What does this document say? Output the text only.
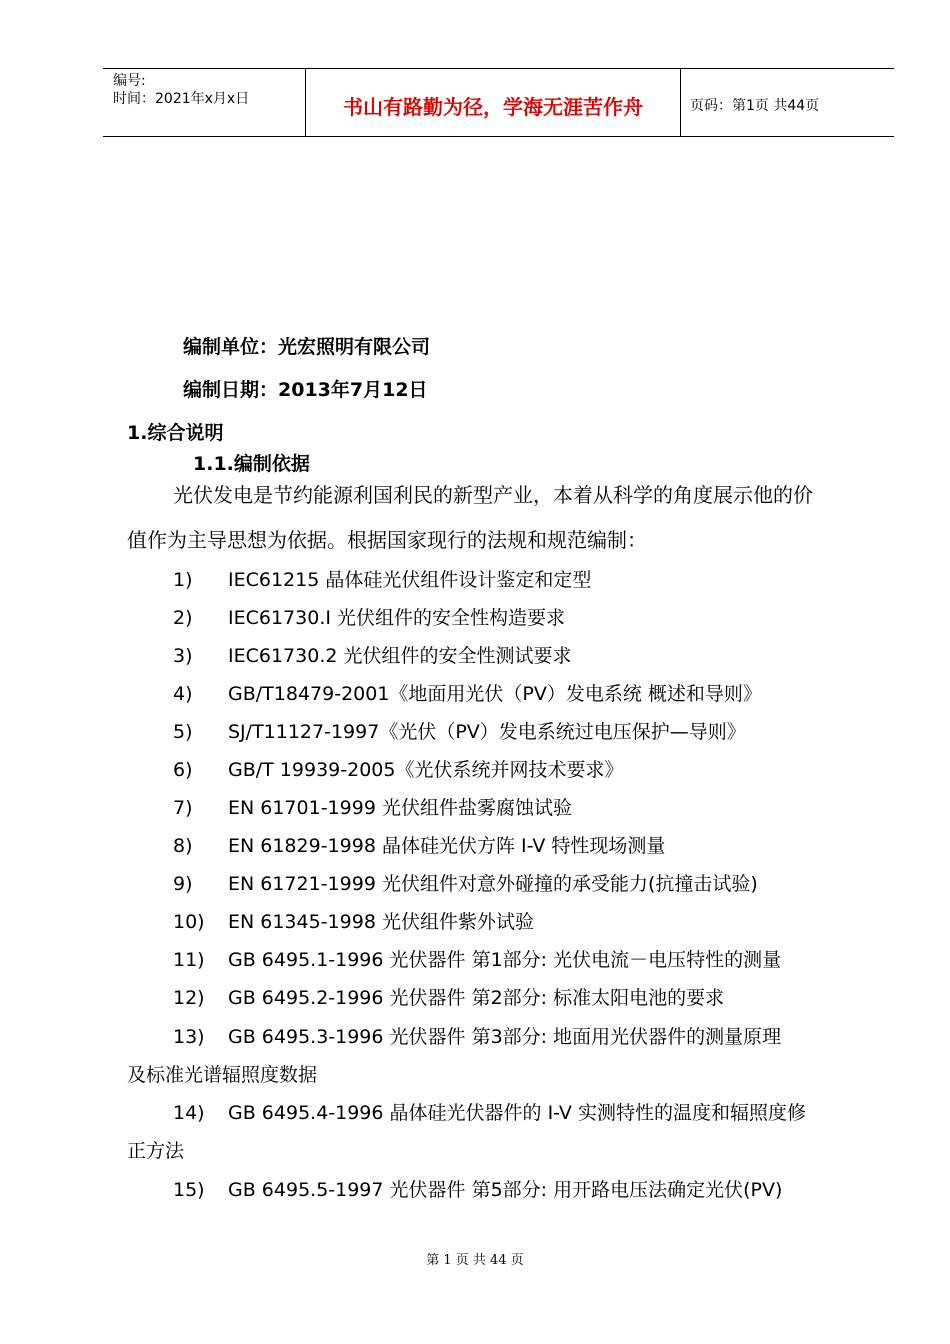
编号:
时间：2021年x月x日	书山有路勤为径，学海无涯苦作舟	页码：第1页 共44页
编制单位：光宏照明有限公司
编制日期：2013年7月12日
1.综合说明
1.1.编制依据
光伏发电是节约能源利国利民的新型产业，本着从科学的角度展示他的价
值作为主导思想为依据。根据国家现行的法规和规范编制：
1) IEC61215 晶体硅光伏组件设计鉴定和定型
2) IEC61730.Ⅰ 光伏组件的安全性构造要求
3) IEC61730.2 光伏组件的安全性测试要求
4) GB/T18479-2001《地面用光伏（PV）发电系统 概述和导则》
5) SJ/T11127-1997《光伏（PV）发电系统过电压保护—导则》
6) GB/T 19939-2005《光伏系统并网技术要求》
7) EN 61701-1999 光伏组件盐雾腐蚀试验
8) EN 61829-1998 晶体硅光伏方阵 I-V 特性现场测量
9) EN 61721-1999 光伏组件对意外碰撞的承受能力(抗撞击试验)
10) EN 61345-1998 光伏组件紫外试验
11) GB 6495.1-1996 光伏器件 第1部分: 光伏电流－电压特性的测量
12) GB 6495.2-1996 光伏器件 第2部分: 标准太阳电池的要求
13) GB 6495.3-1996 光伏器件 第3部分: 地面用光伏器件的测量原理
及标准光谱辐照度数据
14) GB 6495.4-1996 晶体硅光伏器件的 I-V 实测特性的温度和辐照度修
正方法
15) GB 6495.5-1997 光伏器件 第5部分: 用开路电压法确定光伏(PV)
第 1 页 共 44 页
